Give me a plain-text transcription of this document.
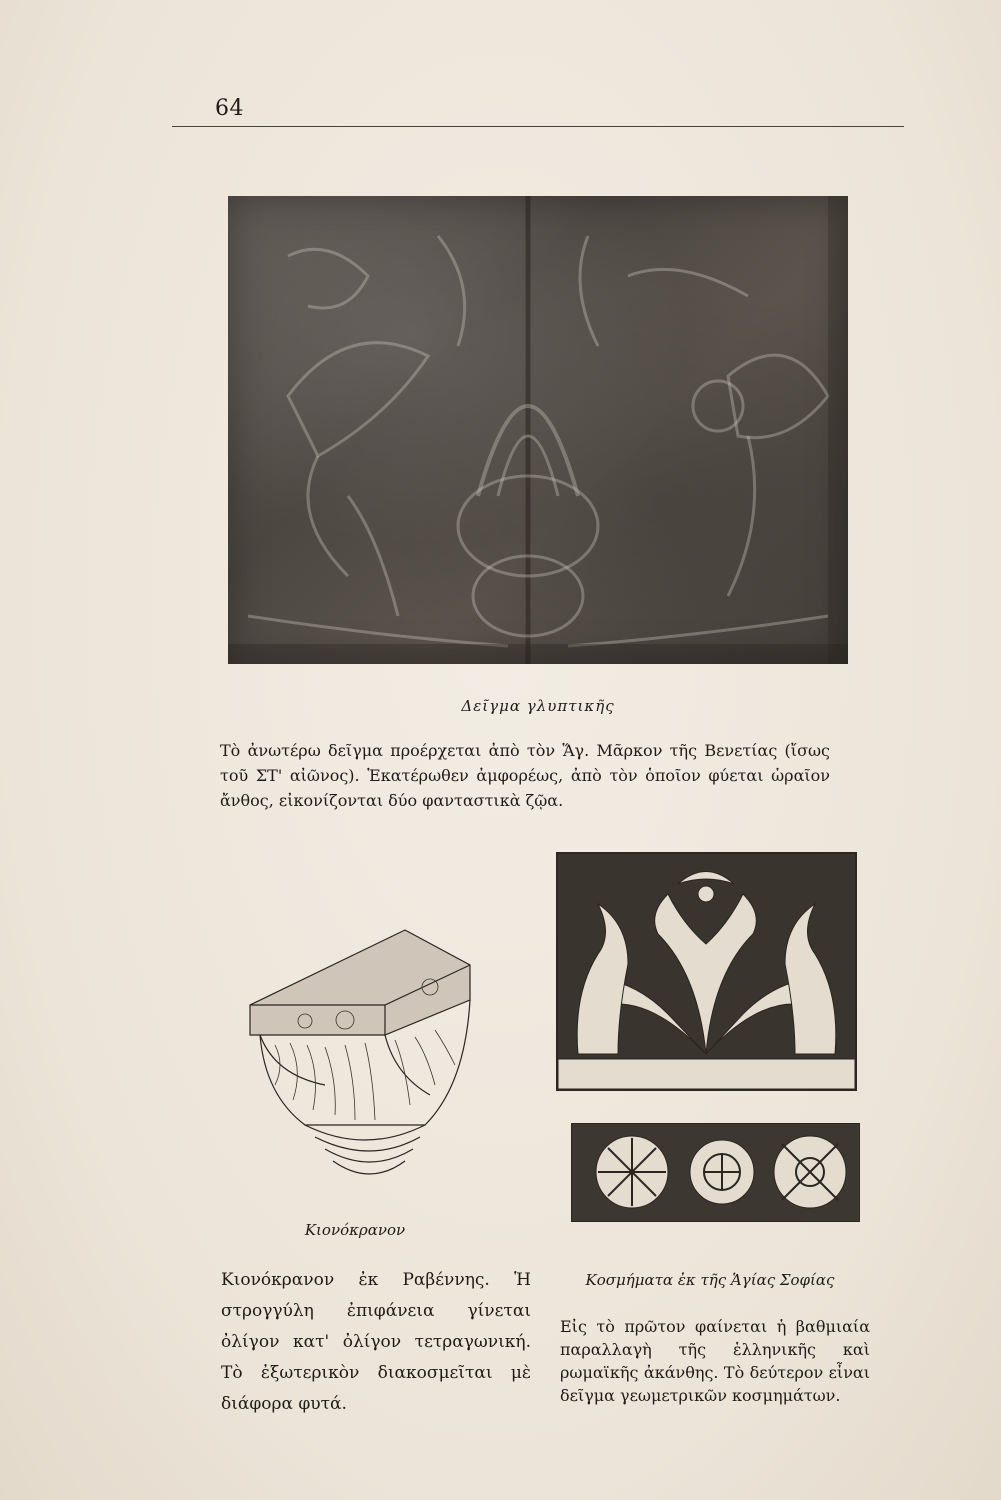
64
Δεῖγμα γλυπτικῆς
Τὸ ἀνωτέρω δεῖγμα προέρχεται ἀπὸ τὸν Ἅγ. Μᾶρκον τῆς Βενετίας (ἴσως τοῦ ΣΤ' αἰῶνος). Ἑκατέρωθεν ἀμφορέως, ἀπὸ τὸν ὁποῖον φύεται ὡραῖον ἄνθος, εἰκονίζονται δύο φανταστικὰ ζῷα.
Κιονόκρανον
Κιονόκρανον ἐκ Ραβέννης. Ἡ στρογγύλη ἐπιφάνεια γίνεται ὀλίγον κατ' ὀλίγον τετραγωνική. Τὸ ἐξωτερικὸν διακοσμεῖται μὲ διάφορα φυτά.
Κοσμήματα ἐκ τῆς Ἁγίας Σοφίας
Εἰς τὸ πρῶτον φαίνεται ἡ βαθμιαία παραλλαγὴ τῆς ἑλληνικῆς καὶ ρωμαϊκῆς ἀκάνθης. Τὸ δεύτερον εἶναι δεῖγμα γεωμετρικῶν κοσμημάτων.
